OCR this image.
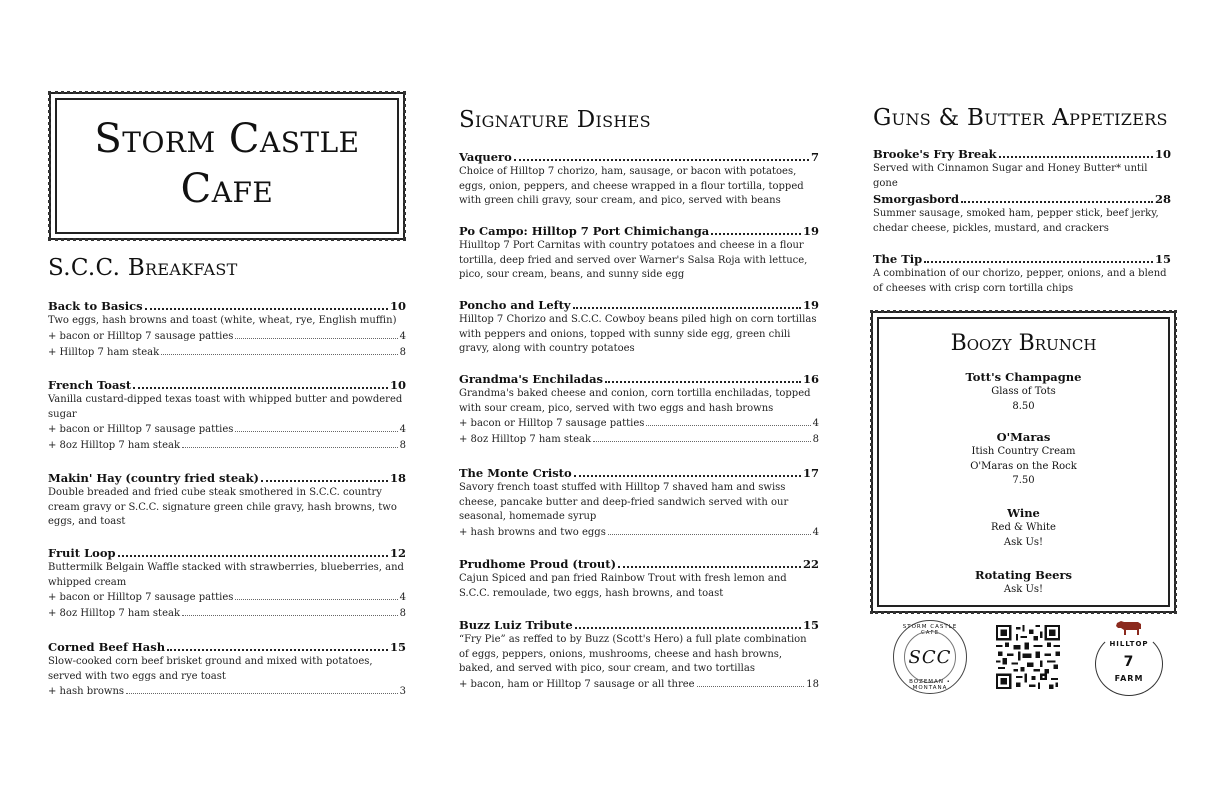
Storm Castle
Cafe
S.C.C. Breakfast
Back to Basics	10
Two eggs, hash browns and toast (white, wheat, rye, English muffin)
+ bacon or Hilltop 7 sausage patties	4
+ Hilltop 7 ham steak	8
French Toast	10
Vanilla custard-dipped texas toast with whipped butter and powdered sugar
+ bacon or Hilltop 7 sausage patties	4
+ 8oz Hilltop 7 ham steak	8
Makin' Hay (country fried steak)	18
Double breaded and fried cube steak smothered in S.C.C. country cream gravy or S.C.C. signature green chile gravy, hash browns, two eggs, and toast
Fruit Loop	12
Buttermilk Belgain Waffle stacked with strawberries, blueberries, and whipped cream
+ bacon or Hilltop 7 sausage patties	4
+ 8oz Hilltop 7 ham steak	8
Corned Beef Hash	15
Slow-cooked corn beef brisket ground and mixed with potatoes, served with two eggs and rye toast
+ hash browns	3
Signature Dishes
Vaquero	7
Choice of Hilltop 7 chorizo, ham, sausage, or bacon with potatoes, eggs, onion, peppers, and cheese wrapped in a flour tortilla, topped with green chili gravy, sour cream, and pico, served with beans
Po Campo: Hilltop 7 Port Chimichanga	19
Hiulltop 7 Port Carnitas with country potatoes and cheese in a flour tortilla, deep fried and served over Warner's Salsa Roja with lettuce, pico, sour cream, beans, and sunny side egg
Poncho and Lefty	19
Hilltop 7 Chorizo and S.C.C. Cowboy beans piled high on corn tortillas with peppers and onions, topped with sunny side egg, green chili gravy, along with country potatoes
Grandma's Enchiladas	16
Grandma's baked cheese and conion, corn tortilla enchiladas, topped with sour cream, pico, served with two eggs and hash browns
+ bacon or Hilltop 7 sausage patties	4
+ 8oz Hilltop 7 ham steak	8
The Monte Cristo	17
Savory french toast stuffed with Hilltop 7 shaved ham and swiss cheese, pancake butter and deep-fried sandwich served with our seasonal, homemade syrup
+ hash browns and two eggs	4
Prudhome Proud (trout)	22
Cajun Spiced and pan fried Rainbow Trout with fresh lemon and S.C.C. remoulade, two eggs, hash browns, and toast
Buzz Luiz Tribute	15
“Fry Pie” as reffed to by Buzz (Scott's Hero) a full plate combination of eggs, peppers, onions, mushrooms, cheese and hash browns, baked, and served with pico, sour cream, and two tortillas
+ bacon, ham or Hilltop 7 sausage or all three	18
Guns & Butter Appetizers
Brooke's Fry Break	10
Served with Cinnamon Sugar and Honey Butter* until gone
Smorgasbord	28
Summer sausage, smoked ham, pepper stick, beef jerky, chedar cheese, pickles, mustard, and crackers
The Tip	15
A combination of our chorizo, pepper, onions, and a blend of cheeses with crisp corn tortilla chips
Boozy Brunch
Tott's Champagne
Glass of Tots
8.50
O'Maras
Itish Country Cream
O'Maras on the Rock
7.50
Wine
Red & White
Ask Us!
Rotating Beers
Ask Us!
STORM CASTLE CAFE
SCC
BOZEMAN • MONTANA
HILLTOP
7
FARM
